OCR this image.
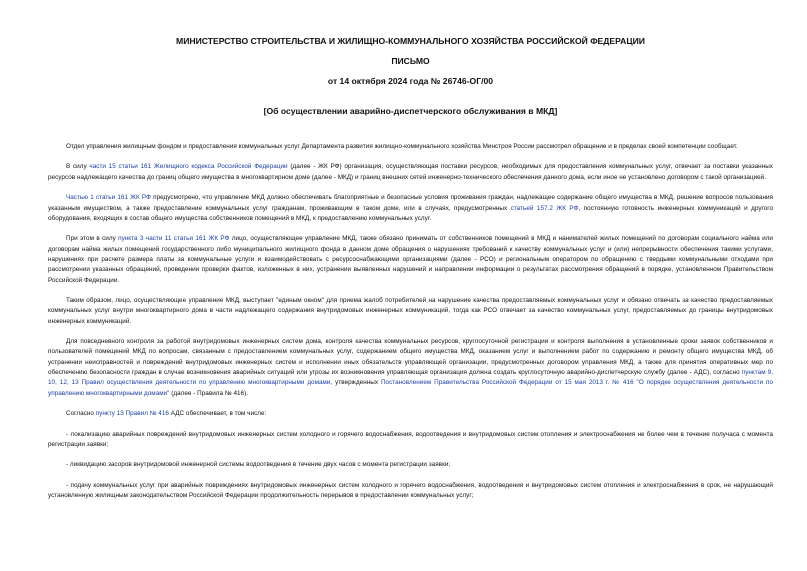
МИНИСТЕРСТВО СТРОИТЕЛЬСТВА И ЖИЛИЩНО-КОММУНАЛЬНОГО ХОЗЯЙСТВА РОССИЙСКОЙ ФЕДЕРАЦИИ
ПИСЬМО
от 14 октября 2024 года № 26746-ОГ/00
[Об осуществлении аварийно-диспетчерского обслуживания в МКД]

Отдел управления жилищным фондом и предоставления коммунальных услуг Департамента развития жилищно-коммунального хозяйства Минстроя России рассмотрел обращение и в пределах своей компетенции сообщает.

В силу части 15 статьи 161 Жилищного кодекса Российской Федерации (далее - ЖК РФ) организация, осуществляющая поставки ресурсов, необходимых для предоставления коммунальных услуг, отвечает за поставки указанных ресурсов надлежащего качества до границ общего имущества в многоквартирном доме (далее - МКД) и границ внешних сетей инженерно-технического обеспечения данного дома, если иное не установлено договором с такой организацией.

Частью 1 статьи 161 ЖК РФ предусмотрено, что управление МКД должно обеспечивать благоприятные и безопасные условия проживания граждан, надлежащее содержание общего имущества в МКД, решение вопросов пользования указанным имуществом, а также предоставление коммунальных услуг гражданам, проживающим в таком доме, или в случаях, предусмотренных статьей 157.2 ЖК РФ, постоянную готовность инженерных коммуникаций и другого оборудования, входящих в состав общего имущества собственников помещений в МКД, к предоставлению коммунальных услуг.

При этом в силу пункта 3 части 11 статьи 161 ЖК РФ лицо, осуществляющее управление МКД, также обязано принимать от собственников помещений в МКД и нанимателей жилых помещений по договорам социального найма или договорам найма жилых помещений государственного либо муниципального жилищного фонда в данном доме обращения о нарушениях требований к качеству коммунальных услуг и (или) непрерывности обеспечения такими услугами, нарушениях при расчете размера платы за коммунальные услуги и взаимодействовать с ресурсоснабжающими организациями (далее - РСО) и региональным оператором по обращению с твердыми коммунальными отходами при рассмотрении указанных обращений, проведении проверки фактов, изложенных в них, устранении выявленных нарушений и направлении информации о результатах рассмотрения обращений в порядке, установленном Правительством Российской Федерации.

Таким образом, лицо, осуществляющее управление МКД, выступает "единым окном" для приема жалоб потребителей на нарушение качества предоставляемых коммунальных услуг и обязано отвечать за качество предоставляемых коммунальных услуг внутри многоквартирного дома в части надлежащего содержания внутридомовых инженерных коммуникаций, тогда как РСО отвечает за качество коммунальных услуг, предоставляемых до границы внутридомовых инженерных коммуникаций.

Для повседневного контроля за работой внутридомовых инженерных систем дома, контроля качества коммунальных ресурсов, круглосуточной регистрации и контроля выполнения в установленные сроки заявок собственников и пользователей помещений МКД по вопросам, связанным с предоставлением коммунальных услуг, содержанием общего имущества МКД, оказанием услуг и выполнением работ по содержанию и ремонту общего имущества МКД, об устранении неисправностей и повреждений внутридомовых инженерных систем и исполнении иных обязательств управляющей организации, предусмотренных договором управления МКД, а также для принятия оперативных мер по обеспечению безопасности граждан в случае возникновения аварийных ситуаций или угрозы их возникновения управляющая организация должна создать круглосуточную аварийно-диспетчерскую службу (далее - АДС), согласно пунктам 9, 10, 12, 13 Правил осуществления деятельности по управлению многоквартирными домами, утвержденных Постановлением Правительства Российской Федерации от 15 мая 2013 г. № 416 "О порядке осуществления деятельности по управлению многоквартирными домами" (далее - Правила № 416).

Согласно пункту 13 Правил № 416 АДС обеспечивает, в том числе:

- локализацию аварийных повреждений внутридомовых инженерных систем холодного и горячего водоснабжения, водоотведения и внутридомовых систем отопления и электроснабжения не более чем в течение получаса с момента регистрации заявки;

- ликвидацию засоров внутридомовой инженерной системы водоотведения в течение двух часов с момента регистрации заявки;

- подачу коммунальных услуг при аварийных повреждениях внутридомовых инженерных систем холодного и горячего водоснабжения, водоотведения и внутридомовых систем отопления и электроснабжения в срок, не нарушающий установленную жилищным законодательством Российской Федерации продолжительность перерывов в предоставлении коммунальных услуг;
